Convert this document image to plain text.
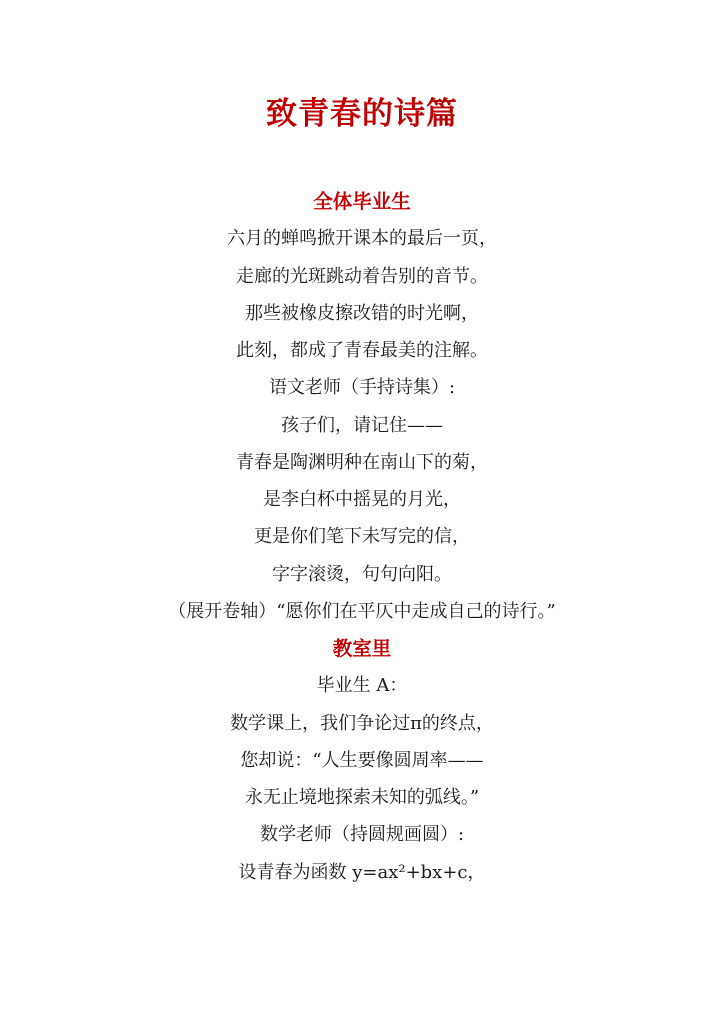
致青春的诗篇
全体毕业生
六月的蝉鸣掀开课本的最后一页，
走廊的光斑跳动着告别的音节。
那些被橡皮擦改错的时光啊，
此刻，都成了青春最美的注解。
语文老师（手持诗集）:
孩子们，请记住——
青春是陶渊明种在南山下的菊，
是李白杯中摇晃的月光，
更是你们笔下未写完的信，
字字滚烫，句句向阳。
（展开卷轴）“愿你们在平仄中走成自己的诗行。”
教室里
毕业生 A：
数学课上，我们争论过π的终点，
您却说：“人生要像圆周率——
永无止境地探索未知的弧线。”
数学老师（持圆规画圆）:
设青春为函数 y=ax²+bx+c，
